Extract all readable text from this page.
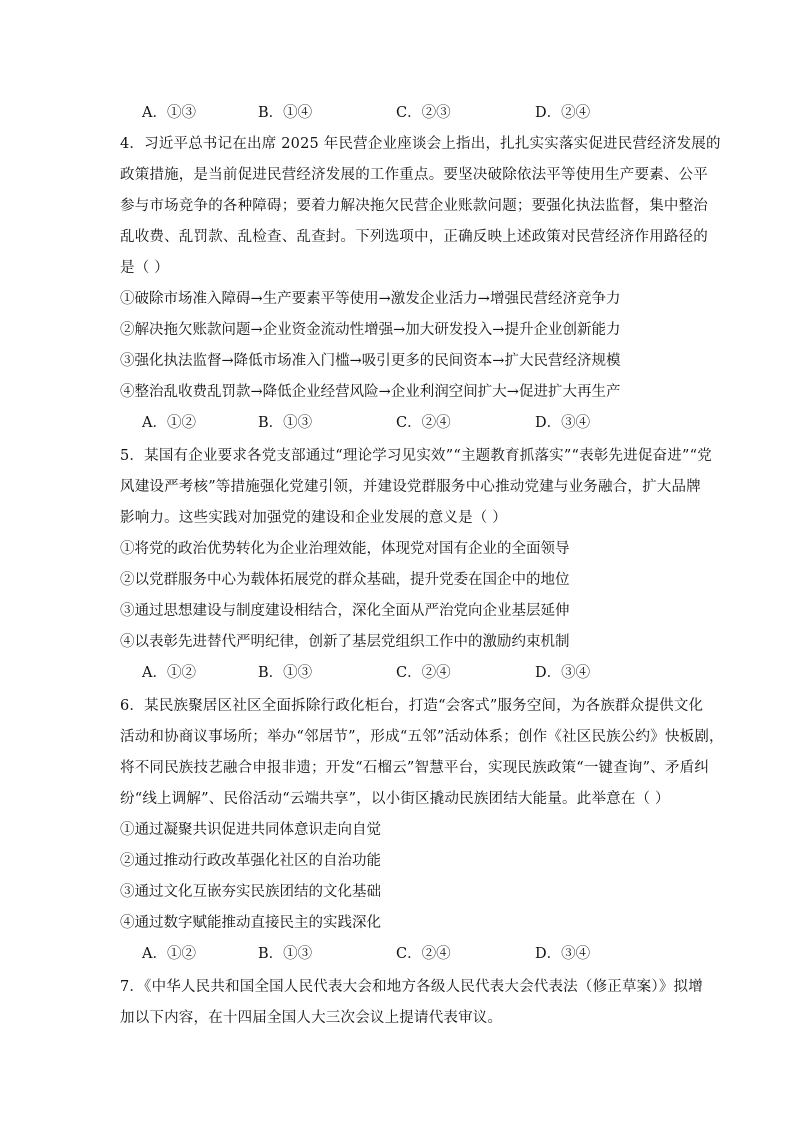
A．①③	B．①④	C．②③	D．②④
4．习近平总书记在出席 2025 年民营企业座谈会上指出，扎扎实实落实促进民营经济发展的
政策措施，是当前促进民营经济发展的工作重点。要坚决破除依法平等使用生产要素、公平
参与市场竞争的各种障碍；要着力解决拖欠民营企业账款问题；要强化执法监督，集中整治
乱收费、乱罚款、乱检查、乱查封。下列选项中，正确反映上述政策对民营经济作用路径的
是（ ）
①破除市场准入障碍→生产要素平等使用→激发企业活力→增强民营经济竞争力
②解决拖欠账款问题→企业资金流动性增强→加大研发投入→提升企业创新能力
③强化执法监督→降低市场准入门槛→吸引更多的民间资本→扩大民营经济规模
④整治乱收费乱罚款→降低企业经营风险→企业利润空间扩大→促进扩大再生产
A．①②	B．①③	C．②④	D．③④
5．某国有企业要求各党支部通过“理论学习见实效”“主题教育抓落实”“表彰先进促奋进”“党
风建设严考核”等措施强化党建引领，并建设党群服务中心推动党建与业务融合，扩大品牌
影响力。这些实践对加强党的建设和企业发展的意义是（ ）
①将党的政治优势转化为企业治理效能，体现党对国有企业的全面领导
②以党群服务中心为载体拓展党的群众基础，提升党委在国企中的地位
③通过思想建设与制度建设相结合，深化全面从严治党向企业基层延伸
④以表彰先进替代严明纪律，创新了基层党组织工作中的激励约束机制
A．①②	B．①③	C．②④	D．③④
6．某民族聚居区社区全面拆除行政化柜台，打造“会客式”服务空间，为各族群众提供文化
活动和协商议事场所；举办“邻居节”，形成“五邻”活动体系；创作《社区民族公约》快板剧，
将不同民族技艺融合申报非遗；开发“石榴云”智慧平台，实现民族政策“一键查询”、矛盾纠
纷“线上调解”、民俗活动“云端共享”，以小街区撬动民族团结大能量。此举意在（ ）
①通过凝聚共识促进共同体意识走向自觉
②通过推动行政改革强化社区的自治功能
③通过文化互嵌夯实民族团结的文化基础
④通过数字赋能推动直接民主的实践深化
A．①②	B．①③	C．②④	D．③④
7．《中华人民共和国全国人民代表大会和地方各级人民代表大会代表法（修正草案）》拟增
加以下内容，在十四届全国人大三次会议上提请代表审议。
